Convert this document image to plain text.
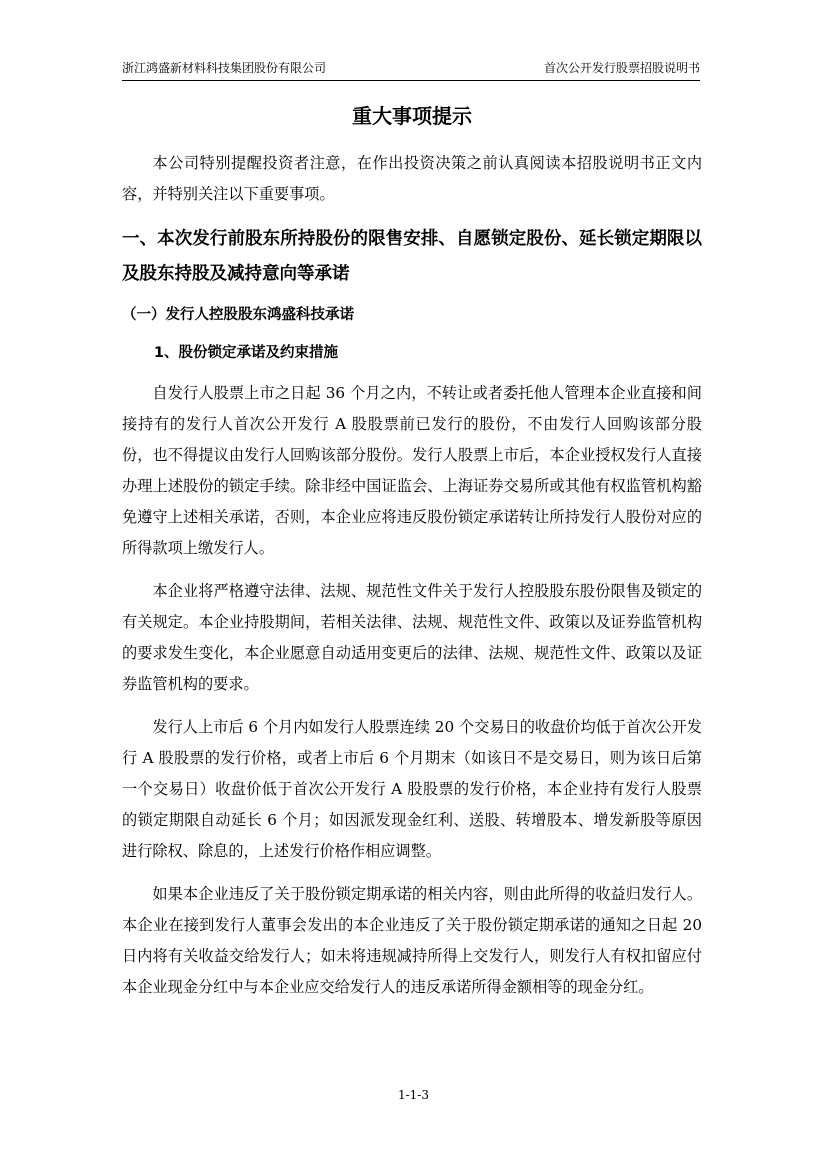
浙江鸿盛新材料科技集团股份有限公司	首次公开发行股票招股说明书
重大事项提示

本公司特别提醒投资者注意，在作出投资决策之前认真阅读本招股说明书正文内容，并特别关注以下重要事项。

一、本次发行前股东所持股份的限售安排、自愿锁定股份、延长锁定期限以及股东持股及减持意向等承诺
（一）发行人控股股东鸿盛科技承诺
1、股份锁定承诺及约束措施

自发行人股票上市之日起 36 个月之内，不转让或者委托他人管理本企业直接和间接持有的发行人首次公开发行 A 股股票前已发行的股份，不由发行人回购该部分股份，也不得提议由发行人回购该部分股份。发行人股票上市后，本企业授权发行人直接办理上述股份的锁定手续。除非经中国证监会、上海证券交易所或其他有权监管机构豁免遵守上述相关承诺，否则，本企业应将违反股份锁定承诺转让所持发行人股份对应的所得款项上缴发行人。

本企业将严格遵守法律、法规、规范性文件关于发行人控股股东股份限售及锁定的有关规定。本企业持股期间，若相关法律、法规、规范性文件、政策以及证券监管机构的要求发生变化，本企业愿意自动适用变更后的法律、法规、规范性文件、政策以及证券监管机构的要求。

发行人上市后 6 个月内如发行人股票连续 20 个交易日的收盘价均低于首次公开发行 A 股股票的发行价格，或者上市后 6 个月期末（如该日不是交易日，则为该日后第一个交易日）收盘价低于首次公开发行 A 股股票的发行价格，本企业持有发行人股票的锁定期限自动延长 6 个月；如因派发现金红利、送股、转增股本、增发新股等原因进行除权、除息的，上述发行价格作相应调整。

如果本企业违反了关于股份锁定期承诺的相关内容，则由此所得的收益归发行人。本企业在接到发行人董事会发出的本企业违反了关于股份锁定期承诺的通知之日起 20 日内将有关收益交给发行人；如未将违规减持所得上交发行人，则发行人有权扣留应付本企业现金分红中与本企业应交给发行人的违反承诺所得金额相等的现金分红。

1-1-3
